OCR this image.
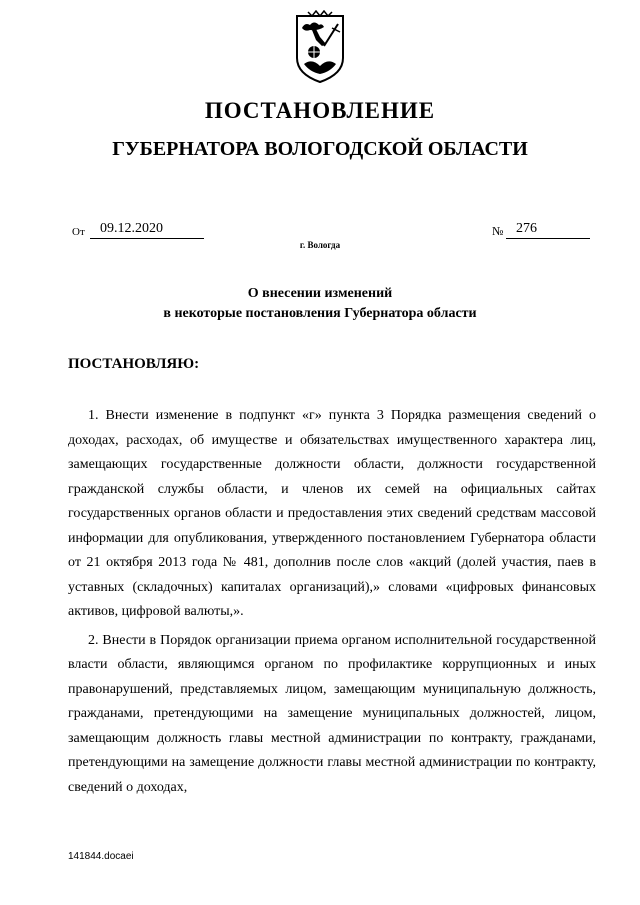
ПОСТАНОВЛЕНИЕ
ГУБЕРНАТОРА ВОЛОГОДСКОЙ ОБЛАСТИ
От	09.12.2020	№ 276
г. Вологда
О внесении изменений
в некоторые постановления Губернатора области
ПОСТАНОВЛЯЮ:

1. Внести изменение в подпункт «г» пункта 3 Порядка размещения сведений о доходах, расходах, об имуществе и обязательствах имущественного характера лиц, замещающих государственные должности области, должности государственной гражданской службы области, и членов их семей на официальных сайтах государственных органов области и предоставления этих сведений средствам массовой информации для опубликования, утвержденного постановлением Губернатора области от 21 октября 2013 года № 481, дополнив после слов «акций (долей участия, паев в уставных (складочных) капиталах организаций),» словами «цифровых финансовых активов, цифровой валюты,».

2. Внести в Порядок организации приема органом исполнительной государственной власти области, являющимся органом по профилактике коррупционных и иных правонарушений, представляемых лицом, замещающим муниципальную должность, гражданами, претендующими на замещение муниципальных должностей, лицом, замещающим должность главы местной администрации по контракту, гражданами, претендующими на замещение должности главы местной администрации по контракту, сведений о доходах,

141844.docaei
